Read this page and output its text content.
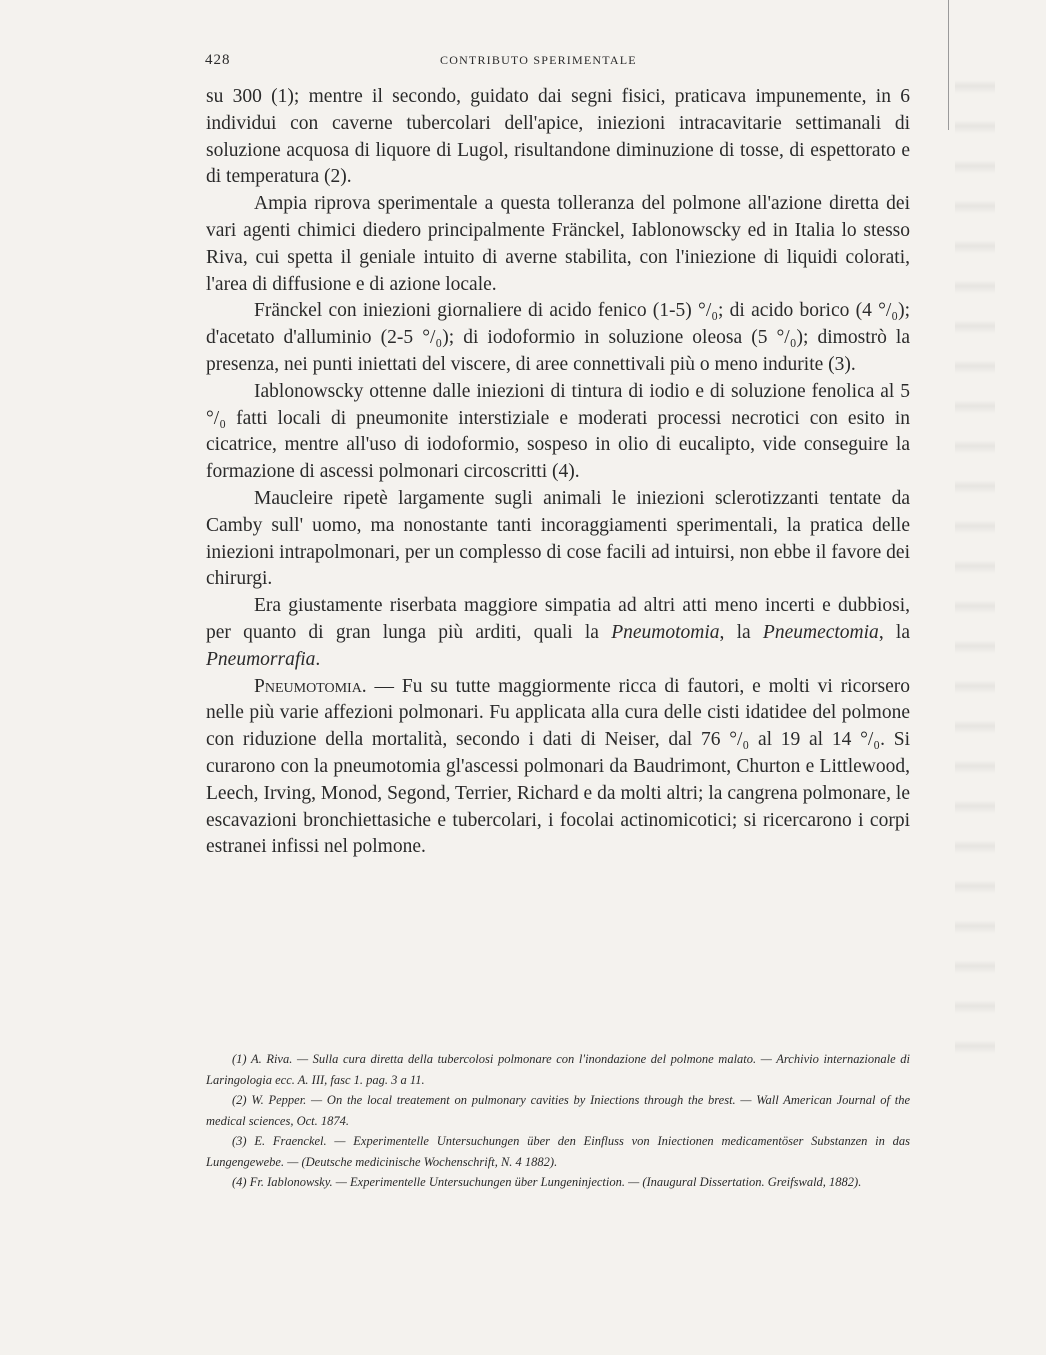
428	CONTRIBUTO SPERIMENTALE

su 300 (1); mentre il secondo, guidato dai segni fisici, praticava impunemente, in 6 individui con caverne tubercolari dell'apice, iniezioni intracavitarie settimanali di soluzione acquosa di liquore di Lugol, risultandone diminuzione di tosse, di espettorato e di temperatura (2).

Ampia riprova sperimentale a questa tolleranza del polmone all'azione diretta dei vari agenti chimici diedero principalmente Fränckel, Iablonowscky ed in Italia lo stesso Riva, cui spetta il geniale intuito di averne stabilita, con l'iniezione di liquidi colorati, l'area di diffusione e di azione locale.

Fränckel con iniezioni giornaliere di acido fenico (1-5) °/₀; di acido borico (4 °/₀); d'acetato d'alluminio (2-5 °/₀); di iodoformio in soluzione oleosa (5 °/₀); dimostrò la presenza, nei punti iniettati del viscere, di aree connettivali più o meno indurite (3).

Iablonowscky ottenne dalle iniezioni di tintura di iodio e di soluzione fenolica al 5 °/₀ fatti locali di pneumonite interstiziale e moderati processi necrotici con esito in cicatrice, mentre all'uso di iodoformio, sospeso in olio di eucalipto, vide conseguire la formazione di ascessi polmonari circoscritti (4).

Maucleire ripetè largamente sugli animali le iniezioni sclerotizzanti tentate da Camby sull' uomo, ma nonostante tanti incoraggiamenti sperimentali, la pratica delle iniezioni intrapolmonari, per un complesso di cose facili ad intuirsi, non ebbe il favore dei chirurgi.

Era giustamente riserbata maggiore simpatia ad altri atti meno incerti e dubbiosi, per quanto di gran lunga più arditi, quali la Pneumotomia, la Pneumectomia, la Pneumorrafia.

Pneumotomia. — Fu su tutte maggiormente ricca di fautori, e molti vi ricorsero nelle più varie affezioni polmonari. Fu applicata alla cura delle cisti idatidee del polmone con riduzione della mortalità, secondo i dati di Neiser, dal 76 °/₀ al 19 al 14 °/₀. Si curarono con la pneumotomia gl'ascessi polmonari da Baudrimont, Churton e Littlewood, Leech, Irving, Monod, Segond, Terrier, Richard e da molti altri; la cangrena polmonare, le escavazioni bronchiettasiche e tubercolari, i focolai actinomicotici; si ricercarono i corpi estranei infissi nel polmone.

(1) A. Riva. — Sulla cura diretta della tubercolosi polmonare con l'inondazione del polmone malato. — Archivio internazionale di Laringologia ecc. A. III, fasc 1. pag. 3 a 11.

(2) W. Pepper. — On the local treatement on pulmonary cavities by Iniections through the brest. — Wall American Journal of the medical sciences, Oct. 1874.

(3) E. Fraenckel. — Experimentelle Untersuchungen über den Einfluss von Iniectionen medicamentöser Substanzen in das Lungengewebe. — (Deutsche medicinische Wochenschrift, N. 4 1882).

(4) Fr. Iablonowsky. — Experimentelle Untersuchungen über Lungeninjection. — (Inaugural Dissertation. Greifswald, 1882).
